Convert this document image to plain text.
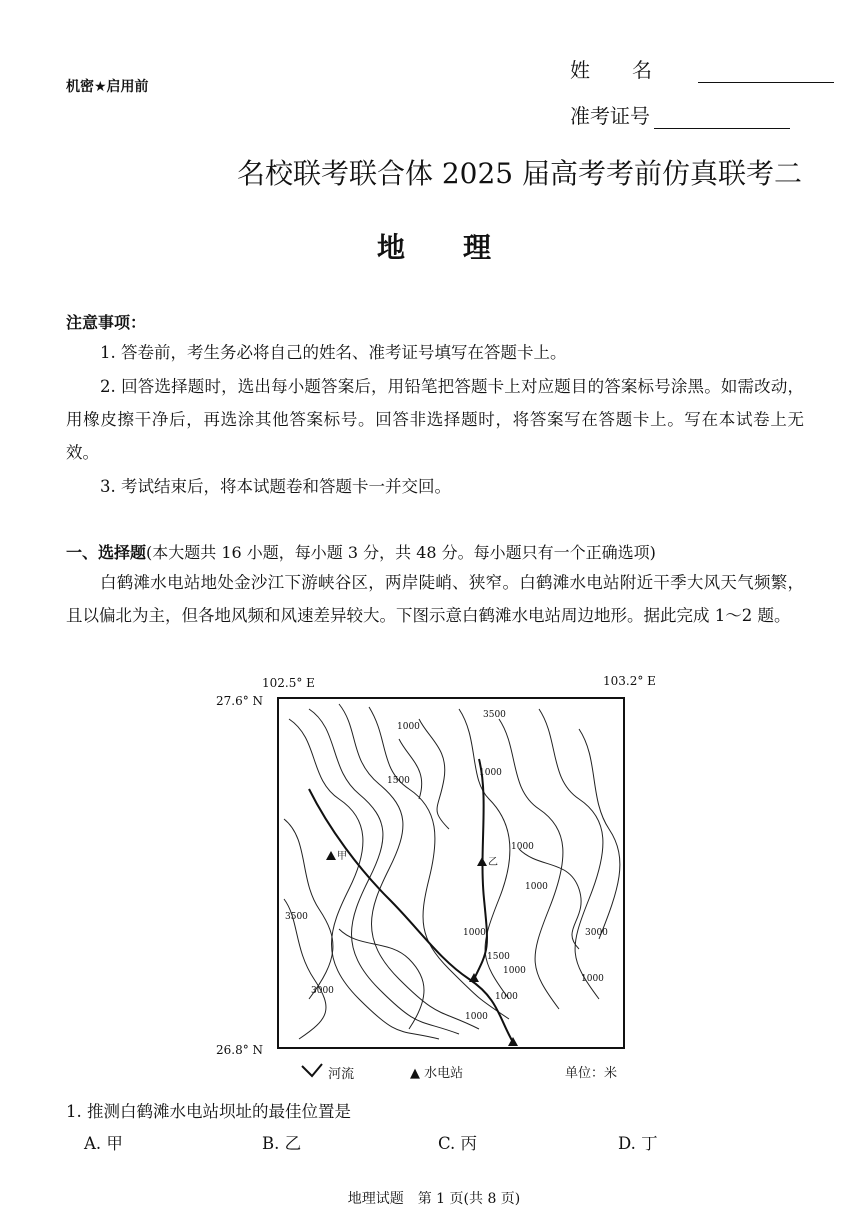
机密★启用前
姓名
准考证号
名校联考联合体 2025 届高考考前仿真联考二
地理
注意事项：
1. 答卷前，考生务必将自己的姓名、准考证号填写在答题卡上。
2. 回答选择题时，选出每小题答案后，用铅笔把答题卡上对应题目的答案标号涂黑。如需改动，用橡皮擦干净后，再选涂其他答案标号。回答非选择题时，将答案写在答题卡上。写在本试卷上无效。
3. 考试结束后，将本试题卷和答题卡一并交回。
一、选择题(本大题共 16 小题，每小题 3 分，共 48 分。每小题只有一个正确选项)
白鹤滩水电站地处金沙江下游峡谷区，两岸陡峭、狭窄。白鹤滩水电站附近干季大风天气频繁，且以偏北为主，但各地风频和风速差异较大。下图示意白鹤滩水电站周边地形。据此完成 1～2 题。
102.5° E	103.2° E
27.6° N
26.8° N
1000
3500
1500
1000
1000
1000
3500
1000	3000
1000
1500
1000
3000
1000
1000
甲
乙
河流	▲ 水电站	单位：米
1. 推测白鹤滩水电站坝址的最佳位置是
A. 甲	B. 乙	C. 丙	D. 丁
地理试题　第 1 页(共 8 页)
